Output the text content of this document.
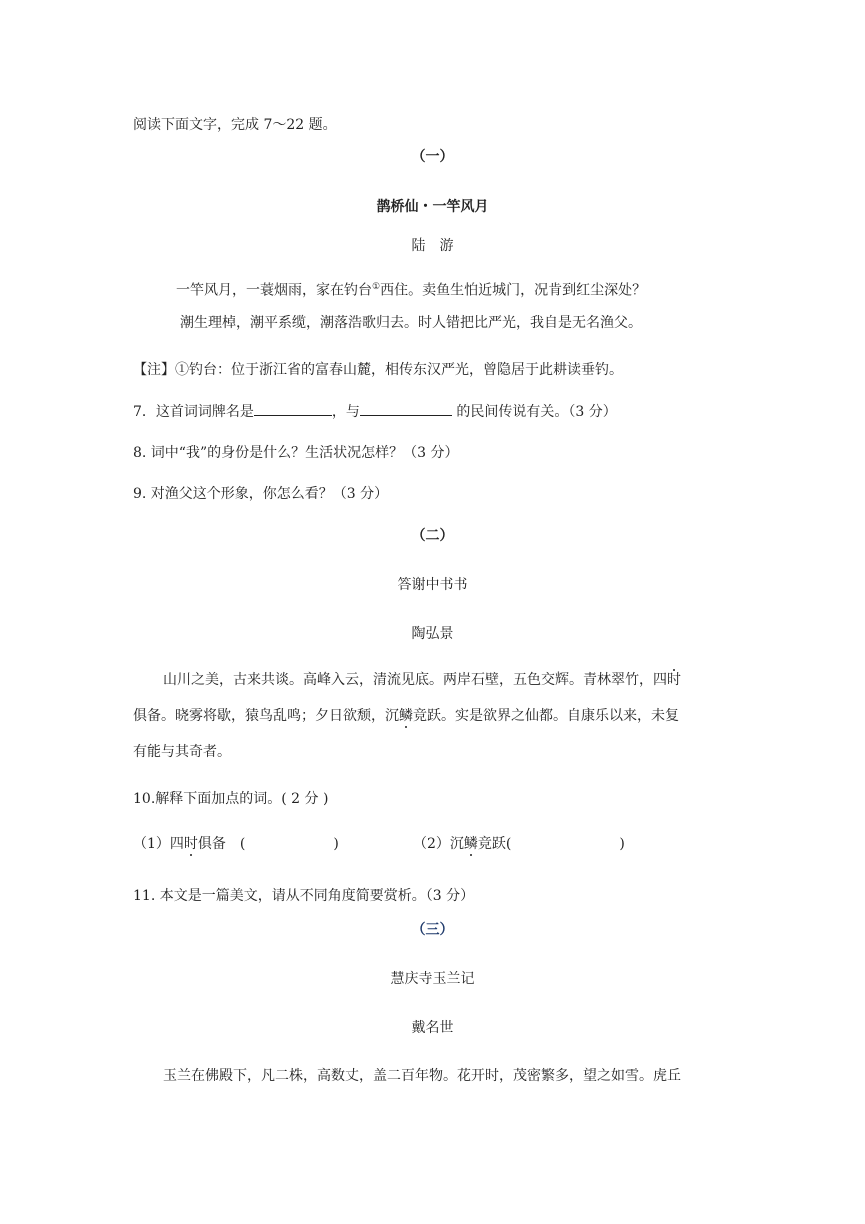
阅读下面文字，完成 7～22 题。
（一）
鹊桥仙・一竿风月
陆　游
一竿风月，一蓑烟雨，家在钓台①西住。卖鱼生怕近城门，况肯到红尘深处？
潮生理棹，潮平系缆，潮落浩歌归去。时人错把比严光，我自是无名渔父。
【注】①钓台：位于浙江省的富春山麓，相传东汉严光，曾隐居于此耕读垂钓。
7．这首词词牌名是	，与	的民间传说有关。（3 分）
8. 词中“我”的身份是什么？生活状况怎样？（3 分）
9. 对渔父这个形象，你怎么看？（3 分）
（二）
答谢中书书
陶弘景
山川之美，古来共谈。高峰入云，清流见底。两岸石壁，五色交辉。青林翠竹，四时
俱备。晓雾将歇，猿鸟乱鸣；夕日欲颓，沉鳞竞跃。实是欲界之仙都。自康乐以来，未复
有能与其奇者。
10.解释下面加点的词。( 2 分 )
（1）四时俱备　(	)	（2）沉鳞竞跃(	)
11. 本文是一篇美文，请从不同角度简要赏析。（3 分）
（三）
慧庆寺玉兰记
戴名世
玉兰在佛殿下，凡二株，高数丈，盖二百年物。花开时，茂密繁多，望之如雪。虎丘
